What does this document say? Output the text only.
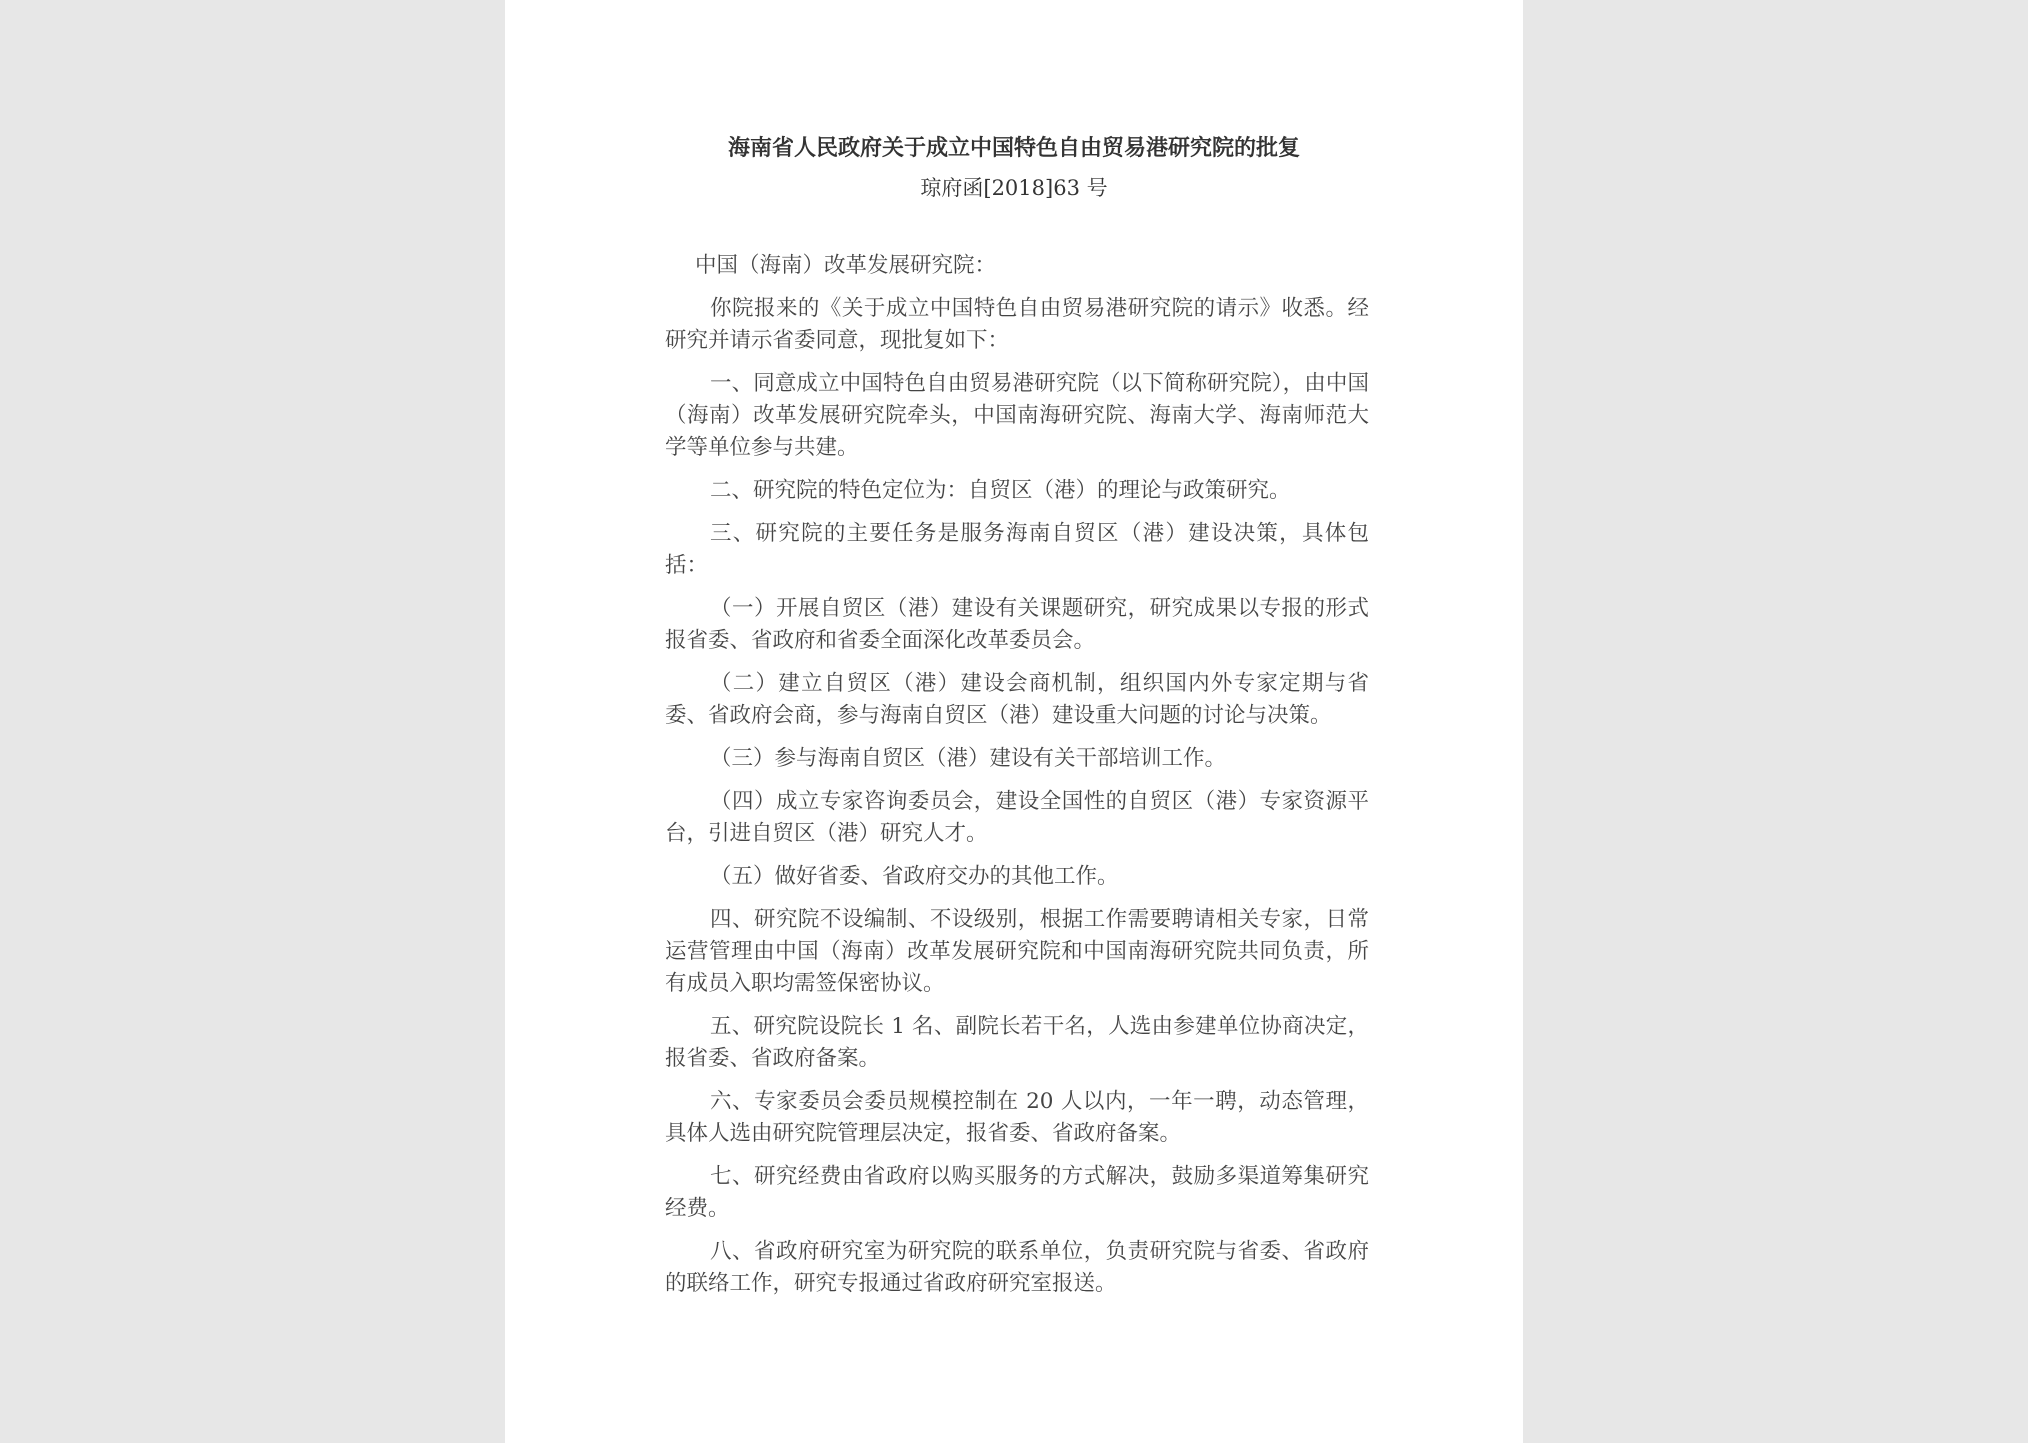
海南省人民政府关于成立中国特色自由贸易港研究院的批复
琼府函[2018]63 号

中国（海南）改革发展研究院：

你院报来的《关于成立中国特色自由贸易港研究院的请示》收悉。经研究并请示省委同意，现批复如下：

一、同意成立中国特色自由贸易港研究院（以下简称研究院），由中国（海南）改革发展研究院牵头，中国南海研究院、海南大学、海南师范大学等单位参与共建。

二、研究院的特色定位为：自贸区（港）的理论与政策研究。

三、研究院的主要任务是服务海南自贸区（港）建设决策，具体包括：

（一）开展自贸区（港）建设有关课题研究，研究成果以专报的形式报省委、省政府和省委全面深化改革委员会。

（二）建立自贸区（港）建设会商机制，组织国内外专家定期与省委、省政府会商，参与海南自贸区（港）建设重大问题的讨论与决策。

（三）参与海南自贸区（港）建设有关干部培训工作。

（四）成立专家咨询委员会，建设全国性的自贸区（港）专家资源平台，引进自贸区（港）研究人才。

（五）做好省委、省政府交办的其他工作。

四、研究院不设编制、不设级别，根据工作需要聘请相关专家，日常运营管理由中国（海南）改革发展研究院和中国南海研究院共同负责，所有成员入职均需签保密协议。

五、研究院设院长 1 名、副院长若干名，人选由参建单位协商决定，报省委、省政府备案。

六、专家委员会委员规模控制在 20 人以内，一年一聘，动态管理，具体人选由研究院管理层决定，报省委、省政府备案。

七、研究经费由省政府以购买服务的方式解决，鼓励多渠道筹集研究经费。

八、省政府研究室为研究院的联系单位，负责研究院与省委、省政府的联络工作，研究专报通过省政府研究室报送。
